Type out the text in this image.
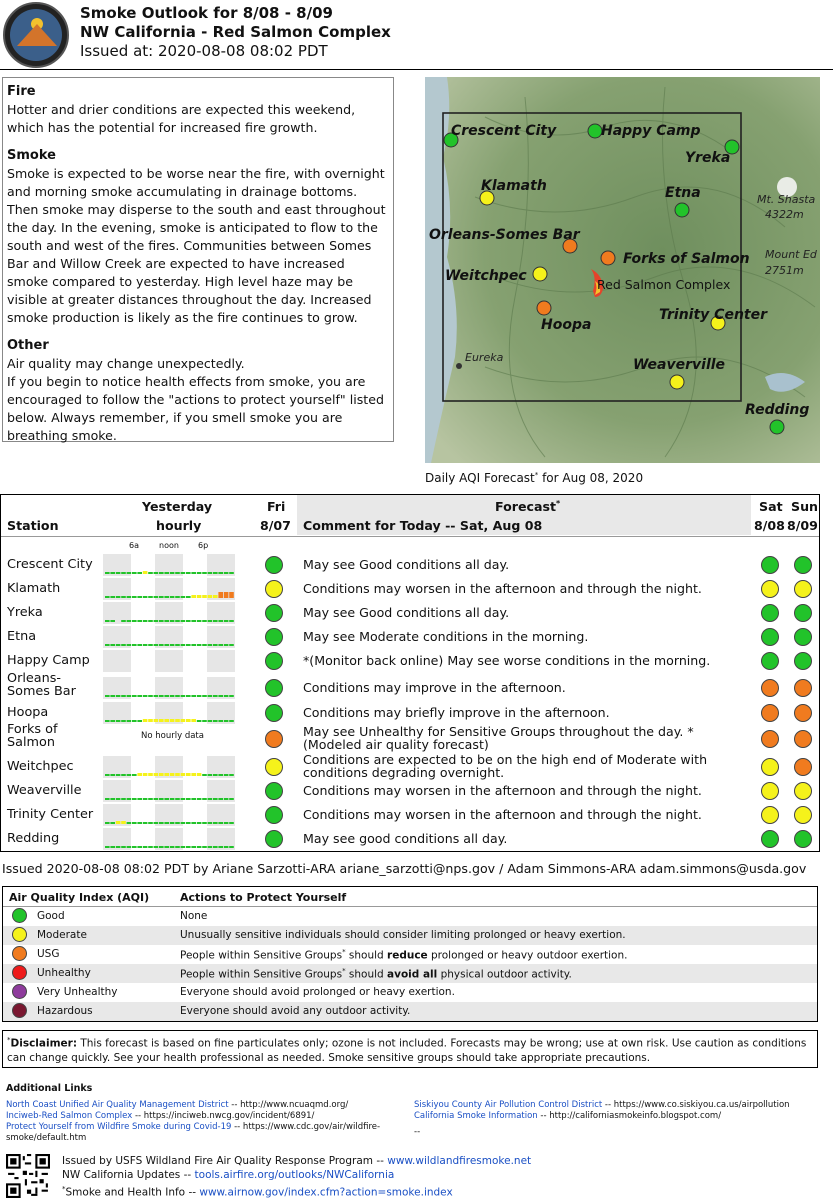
Smoke Outlook for 8/08 - 8/09
NW California - Red Salmon Complex
Issued at: 2020-08-08 08:02 PDT
Fire

Hotter and drier conditions are expected this weekend, which has the potential for increased fire growth.

Smoke

Smoke is expected to be worse near the fire, with overnight and morning smoke accumulating in drainage bottoms. Then smoke may disperse to the south and east throughout the day. In the evening, smoke is anticipated to flow to the south and west of the fires. Communities between Somes Bar and Willow Creek are expected to have increased smoke compared to yesterday. High level haze may be visible at greater distances throughout the day. Increased smoke production is likely as the fire continues to grow.

Other
Air quality may change unexpectedly.
If you begin to notice health effects from smoke, you are encouraged to follow the "actions to protect yourself" listed below. Always remember, if you smell smoke you are breathing smoke.
Crescent City	Happy Camp
Yreka
Klamath	Etna
Orleans-Somes Bar
Forks of Salmon
Weitchpec
Hoopa
Trinity Center
Weaverville
Redding
Mt. Shasta
4322m
Mount Ed
2751m
Eureka
Red Salmon Complex
Daily AQI Forecast* for Aug 08, 2020
Station
Yesterday
hourly
Fri
8/07
Forecast*
Comment for Today -- Sat, Aug 08
Sat
8/08
Sun
8/09
6a	noon 6p
Crescent City	May see Good conditions all day.
Klamath	Conditions may worsen in the afternoon and through the night.
Yreka	May see Good conditions all day.
Etna	May see Moderate conditions in the morning.
Happy Camp	*(Monitor back online) May see worse conditions in the morning.
Orleans-Somes Bar	Conditions may improve in the afternoon.
Hoopa	Conditions may briefly improve in the afternoon.
Forks of Salmon	No hourly data	May see Unhealthy for Sensitive Groups throughout the day. *(Modeled air quality forecast)
Weitchpec	Conditions are expected to be on the high end of Moderate with conditions degrading overnight.
Weaverville	Conditions may worsen in the afternoon and through the night.
Trinity Center	Conditions may worsen in the afternoon and through the night.
Redding	May see good conditions all day.
Issued 2020-08-08 08:02 PDT by Ariane Sarzotti-ARA ariane_sarzotti@nps.gov / Adam Simmons-ARA adam.simmons@usda.gov
Air Quality Index (AQI)	Actions to Protect Yourself
Good	None
Moderate	Unusually sensitive individuals should consider limiting prolonged or heavy exertion.
USG	People within Sensitive Groups* should reduce prolonged or heavy outdoor exertion.
Unhealthy	People within Sensitive Groups* should avoid all physical outdoor activity.
Very Unhealthy	Everyone should avoid prolonged or heavy exertion.
Hazardous	Everyone should avoid any outdoor activity.
*Disclaimer: This forecast is based on fine particulates only; ozone is not included. Forecasts may be wrong; use at own risk. Use caution as conditions can change quickly. See your health professional as needed. Smoke sensitive groups should take appropriate precautions.
Additional Links
North Coast Unified Air Quality Management District -- http://www.ncuaqmd.org/
Inciweb-Red Salmon Complex -- https://inciweb.nwcg.gov/incident/6891/
Protect Yourself from Wildfire Smoke during Covid-19 -- https://www.cdc.gov/air/wildfire-smoke/default.htm
Siskiyou County Air Pollution Control District -- https://www.co.siskiyou.ca.us/airpollution
California Smoke Information -- http://californiasmokeinfo.blogspot.com/
--
Issued by USFS Wildland Fire Air Quality Response Program -- www.wildlandfiresmoke.net
NW California Updates -- tools.airfire.org/outlooks/NWCalifornia
*Smoke and Health Info -- www.airnow.gov/index.cfm?action=smoke.index
